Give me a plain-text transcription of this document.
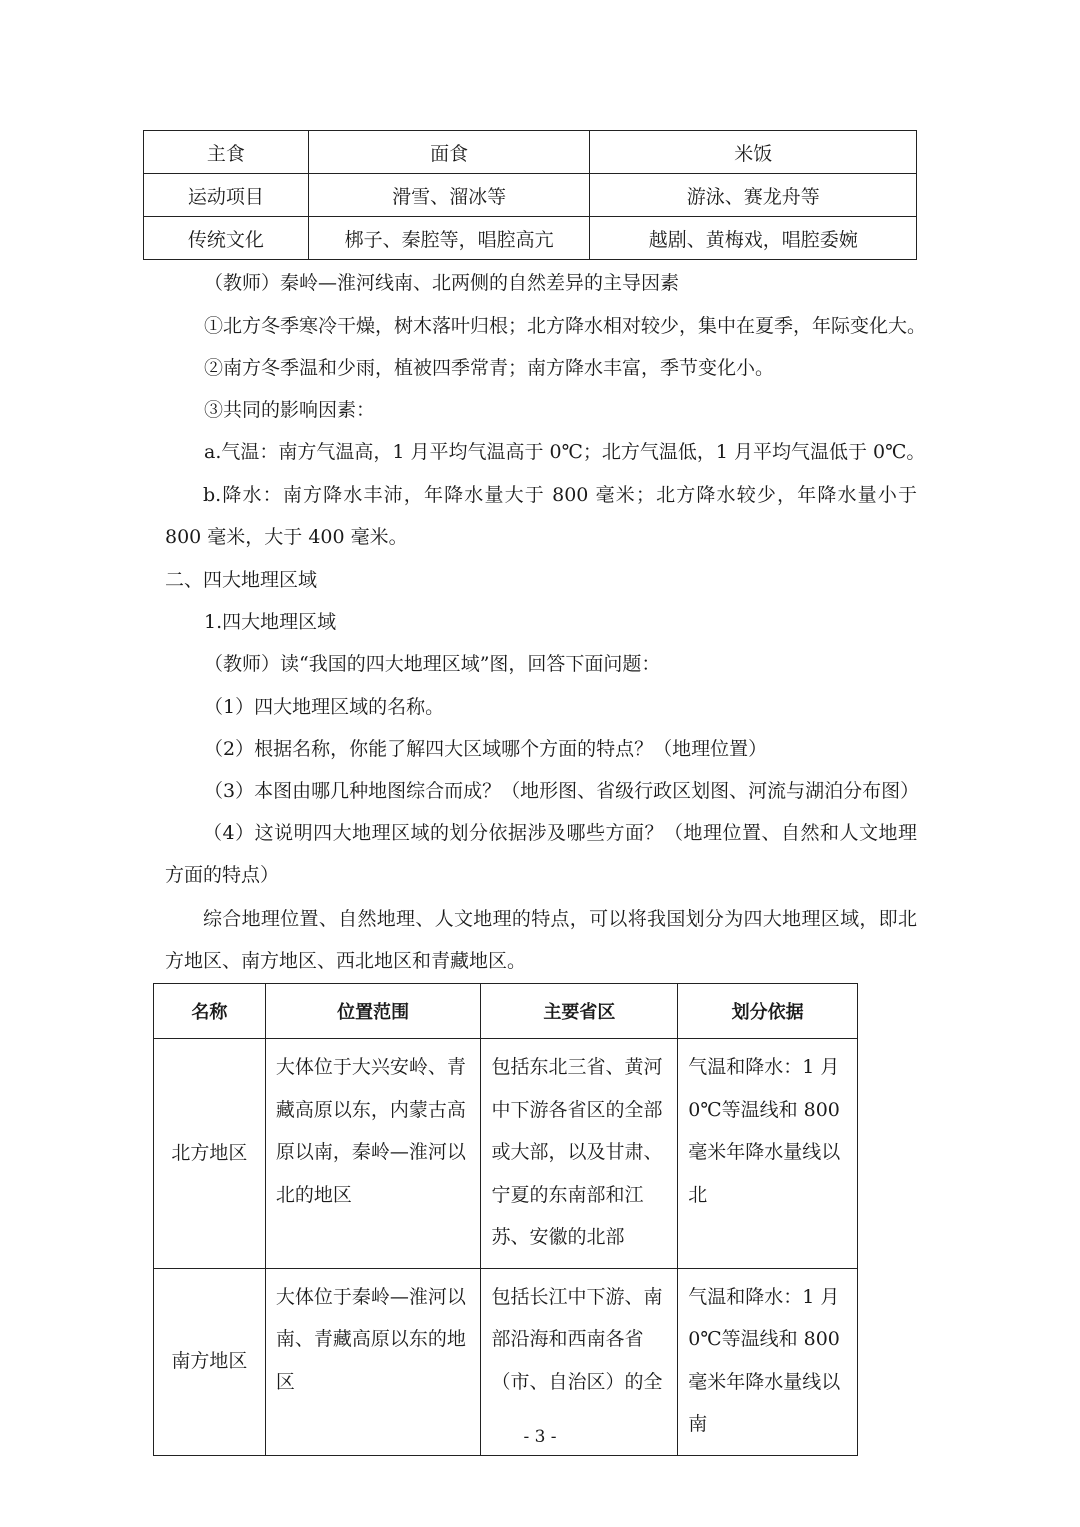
主食	面食	米饭
运动项目	滑雪、溜冰等	游泳、赛龙舟等
传统文化	梆子、秦腔等，唱腔高亢	越剧、黄梅戏，唱腔委婉
（教师）秦岭—淮河线南、北两侧的自然差异的主导因素
①北方冬季寒冷干燥，树木落叶归根；北方降水相对较少，集中在夏季，年际变化大。
②南方冬季温和少雨，植被四季常青；南方降水丰富，季节变化小。
③共同的影响因素：
a.气温：南方气温高，1 月平均气温高于 0℃；北方气温低，1 月平均气温低于 0℃。
b.降水：南方降水丰沛，年降水量大于 800 毫米；北方降水较少，年降水量小于 800 毫米，大于 400 毫米。
二、四大地理区域
1.四大地理区域
（教师）读“我国的四大地理区域”图，回答下面问题：
（1）四大地理区域的名称。
（2）根据名称，你能了解四大区域哪个方面的特点？（地理位置）
（3）本图由哪几种地图综合而成？（地形图、省级行政区划图、河流与湖泊分布图）
（4）这说明四大地理区域的划分依据涉及哪些方面？（地理位置、自然和人文地理方面的特点）
综合地理位置、自然地理、人文地理的特点，可以将我国划分为四大地理区域，即北方地区、南方地区、西北地区和青藏地区。
名称	位置范围	主要省区	划分依据
北方地区	大体位于大兴安岭、青藏高原以东，内蒙古高原以南，秦岭—淮河以北的地区	包括东北三省、黄河中下游各省区的全部或大部，以及甘肃、宁夏的东南部和江苏、安徽的北部	气温和降水：1 月 0℃等温线和 800 毫米年降水量线以北
南方地区	大体位于秦岭—淮河以南、青藏高原以东的地区	包括长江中下游、南部沿海和西南各省（市、自治区）的全	气温和降水：1 月 0℃等温线和 800 毫米年降水量线以南
- 3 -
